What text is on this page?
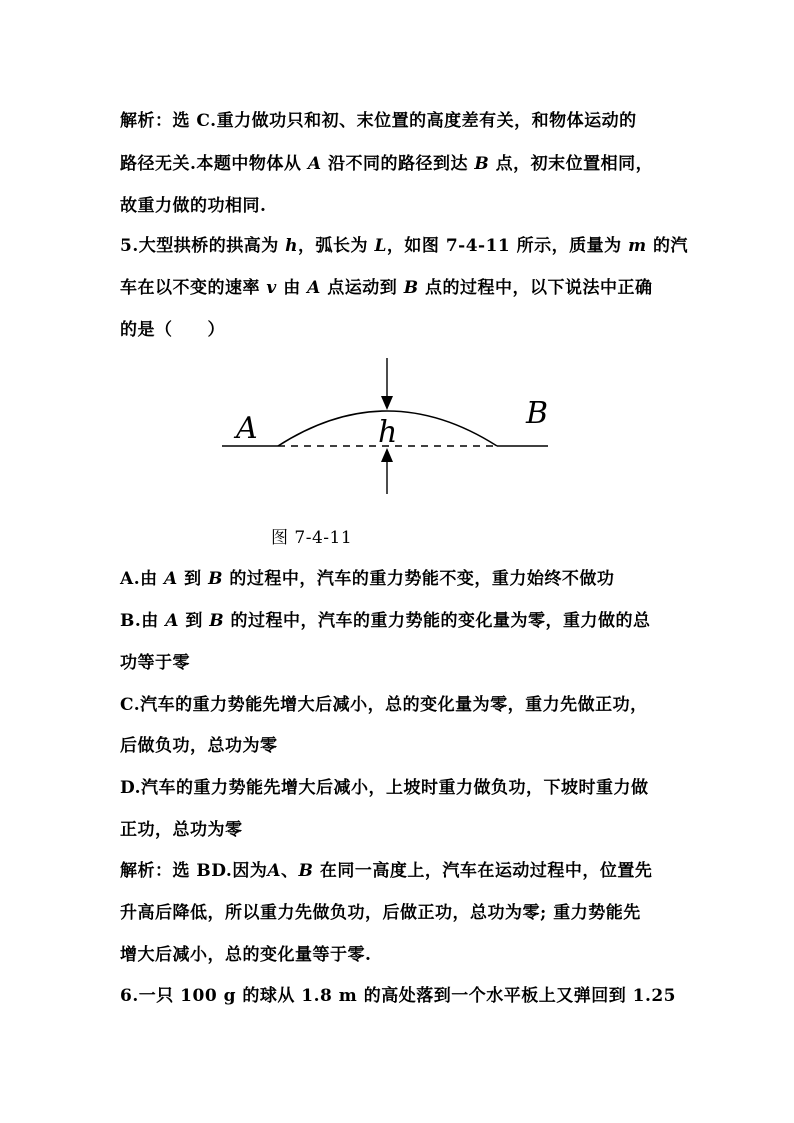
解析：选 C.重力做功只和初、末位置的高度差有关，和物体运动的
路径无关.本题中物体从 A 沿不同的路径到达 B 点，初末位置相同，
故重力做的功相同.
5.大型拱桥的拱高为 h，弧长为 L，如图 7-4-11 所示，质量为 m 的汽
车在以不变的速率 v 由 A 点运动到 B 点的过程中，以下说法中正确
的是（　　）
A	B
h
图 7-4-11
A.由 A 到 B 的过程中，汽车的重力势能不变，重力始终不做功
B.由 A 到 B 的过程中，汽车的重力势能的变化量为零，重力做的总
功等于零
C.汽车的重力势能先增大后减小，总的变化量为零，重力先做正功，
后做负功，总功为零
D.汽车的重力势能先增大后减小，上坡时重力做负功，下坡时重力做
正功，总功为零
解析：选 BD.因为A、B 在同一高度上，汽车在运动过程中，位置先
升高后降低，所以重力先做负功，后做正功，总功为零; 重力势能先
增大后减小，总的变化量等于零.
6.一只 100 g 的球从 1.8 m 的高处落到一个水平板上又弹回到 1.25
